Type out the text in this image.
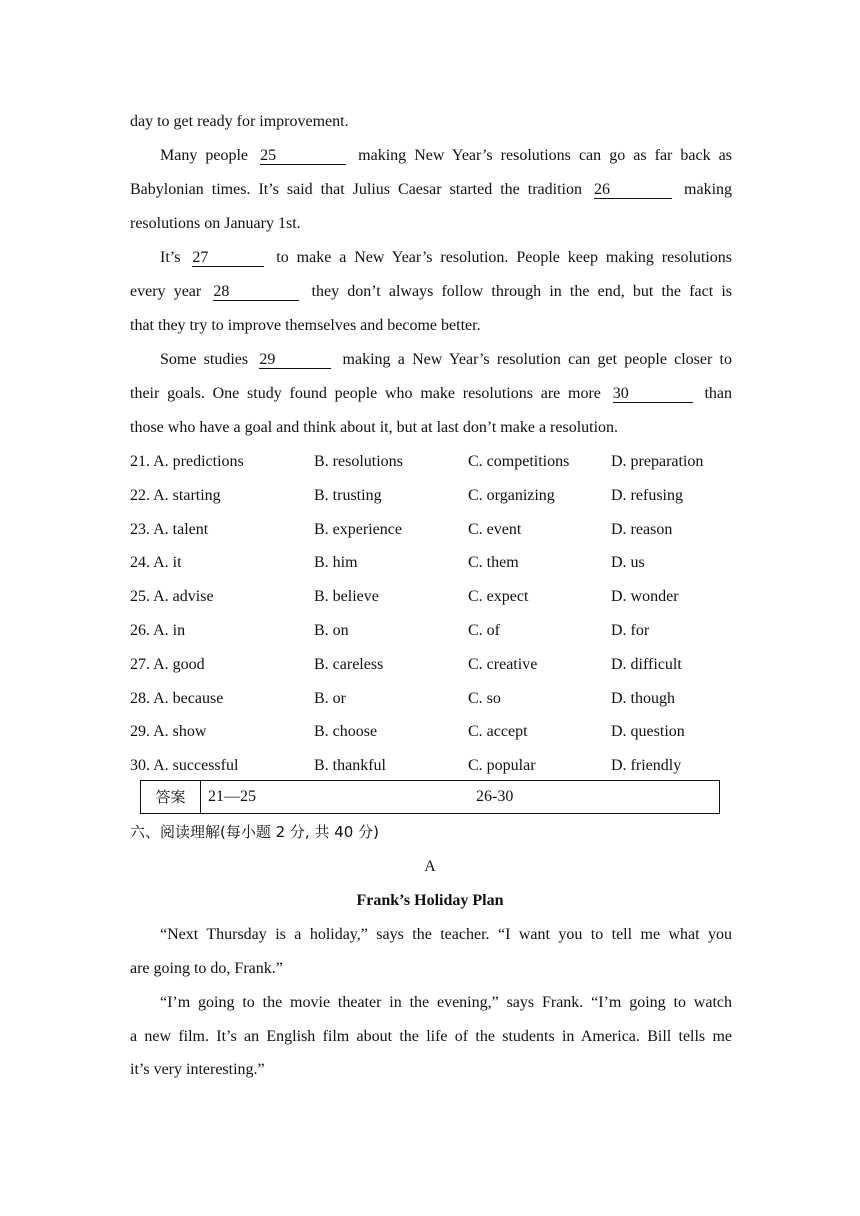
day to get ready for improvement.
Many people 25	making New Year’s resolutions can go as far back as
Babylonian times. It’s said that Julius Caesar started the tradition 26	making
resolutions on January 1st.
It’s 27	to make a New Year’s resolution. People keep making resolutions
every year 28	they don’t always follow through in the end, but the fact is
that they try to improve themselves and become better.
Some studies 29	making a New Year’s resolution can get people closer to
their goals. One study found people who make resolutions are more 30	than
those who have a goal and think about it, but at last don’t make a resolution.
21. A. predictions	B. resolutions	C. competitions	D. preparation
22. A. starting	B. trusting	C. organizing	D. refusing
23. A. talent	B. experience	C. event	D. reason
24. A. it	B. him	C. them	D. us
25. A. advise	B. believe	C. expect	D. wonder
26. A. in	B. on	C. of	D. for
27. A. good	B. careless	C. creative	D. difficult
28. A. because	B. or	C. so	D. though
29. A. show	B. choose	C. accept	D. question
30. A. successful	B. thankful	C. popular	D. friendly
答案	21—25	26-30
六、阅读理解(每小题 2 分, 共 40 分)
A
Frank’s Holiday Plan
“Next Thursday is a holiday,” says the teacher. “I want you to tell me what you
are going to do, Frank.”
“I’m going to the movie theater in the evening,” says Frank. “I’m going to watch
a new film. It’s an English film about the life of the students in America. Bill tells me
it’s very interesting.”
